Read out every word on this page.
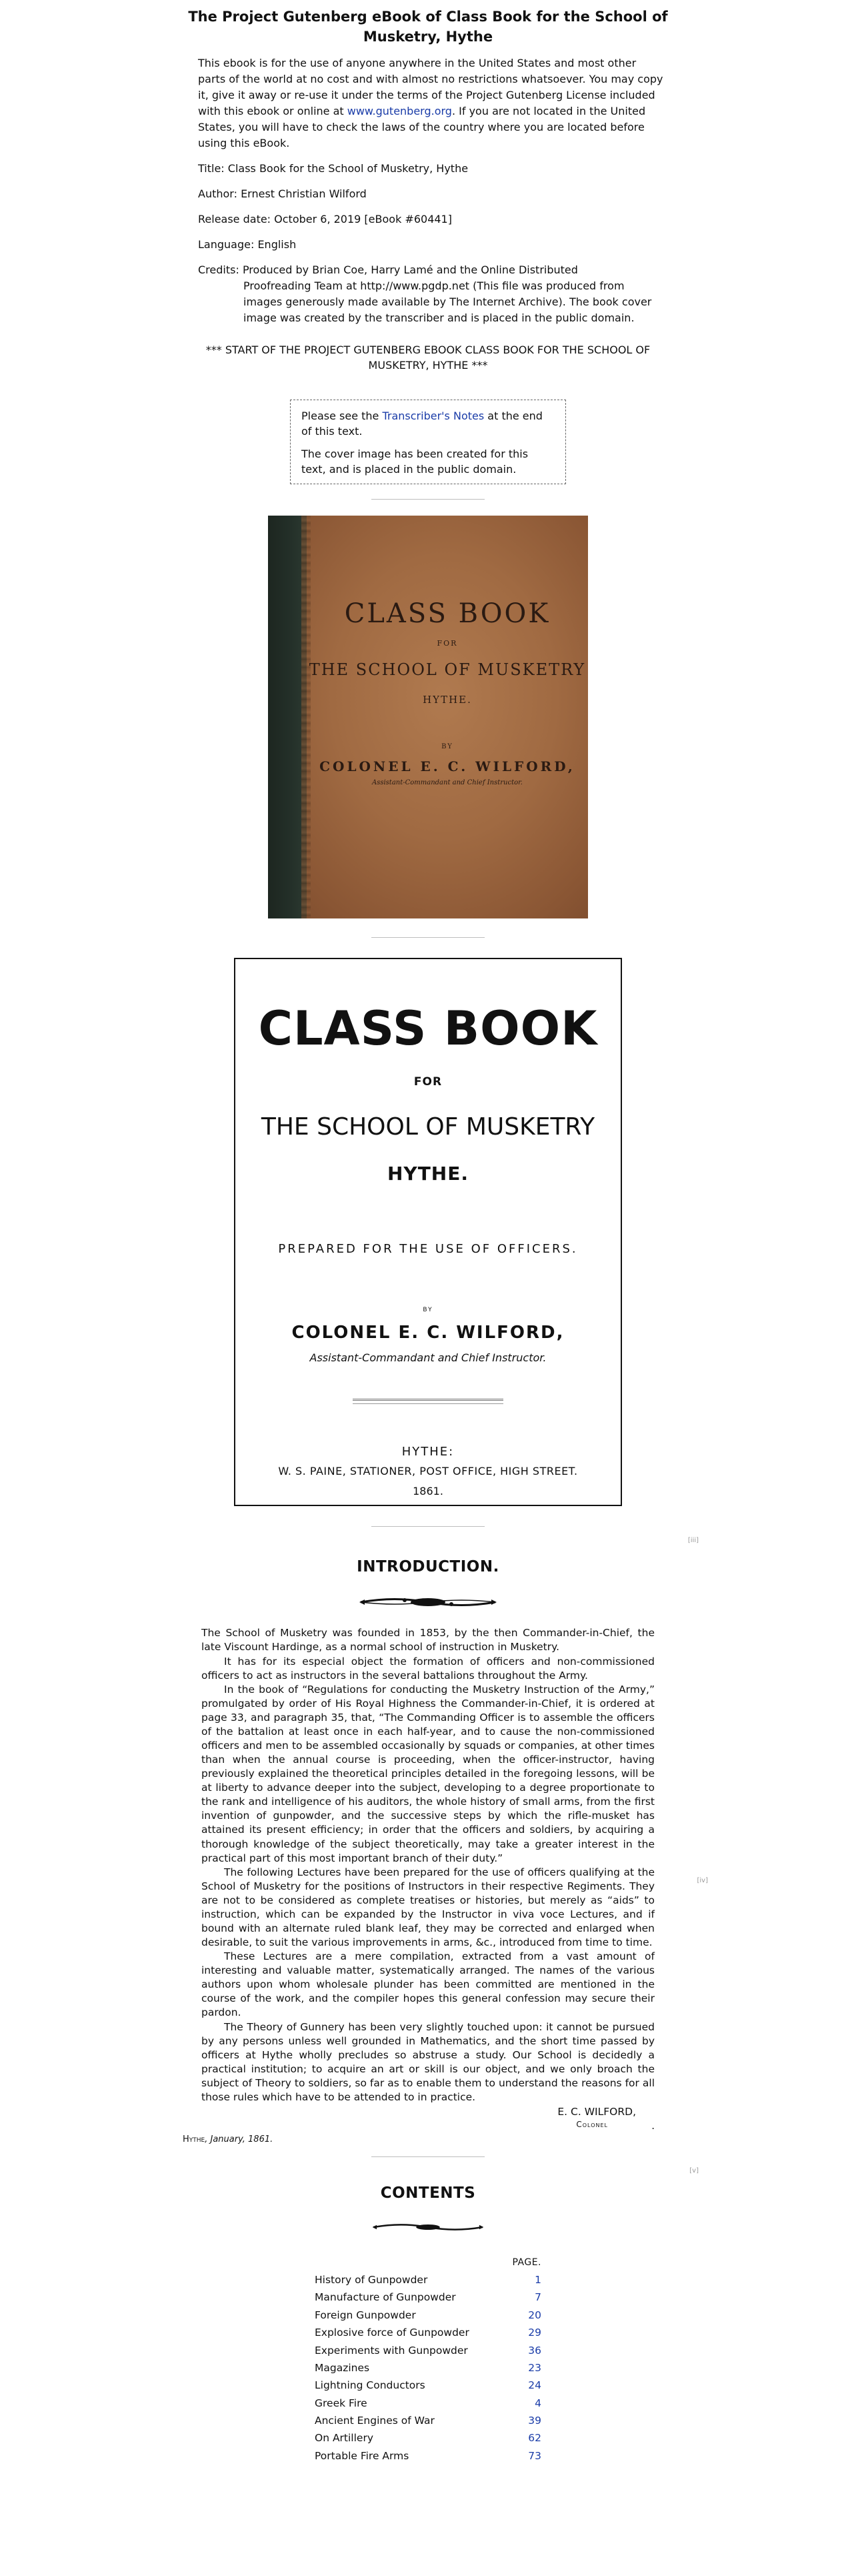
The Project Gutenberg eBook of Class Book for the School of Musketry, Hythe

This ebook is for the use of anyone anywhere in the United States and most other parts of the world at no cost and with almost no restrictions whatsoever. You may copy it, give it away or re-use it under the terms of the Project Gutenberg License included with this ebook or online at www.gutenberg.org. If you are not located in the United States, you will have to check the laws of the country where you are located before using this eBook.

Title: Class Book for the School of Musketry, Hythe

Author: Ernest Christian Wilford

Release date: October 6, 2019 [eBook #60441]

Language: English

Credits: Produced by Brian Coe, Harry Lamé and the Online Distributed
Proofreading Team at http://www.pgdp.net (This file was produced from images generously made available by The Internet Archive). The book cover image was created by the transcriber and is placed in the public domain.
*** START OF THE PROJECT GUTENBERG EBOOK CLASS BOOK FOR THE SCHOOL OF MUSKETRY, HYTHE ***

Please see the Transcriber's Notes at the end of this text.

The cover image has been created for this text, and is placed in the public domain.

CLASS BOOK
FOR
THE SCHOOL OF MUSKETRY
HYTHE.
BY
COLONEL E. C. WILFORD,
Assistant-Commandant and Chief Instructor.
CLASS BOOK
FOR
THE SCHOOL OF MUSKETRY
HYTHE.
PREPARED FOR THE USE OF OFFICERS.
BY
COLONEL E. C. WILFORD,
Assistant-Commandant and Chief Instructor.
HYTHE:
W. S. PAINE, STATIONER, POST OFFICE, HIGH STREET.
1861.
[iii]
INTRODUCTION.

The School of Musketry was founded in 1853, by the then Commander-in-Chief, the late Viscount Hardinge, as a normal school of instruction in Musketry.

It has for its especial object the formation of officers and non-commissioned officers to act as instructors in the several battalions throughout the Army.

In the book of “Regulations for conducting the Musketry Instruction of the Army,” promulgated by order of His Royal Highness the Commander-in-Chief, it is ordered at page 33, and paragraph 35, that, “The Commanding Officer is to assemble the officers of the battalion at least once in each half-year, and to cause the non-commissioned officers and men to be assembled occasionally by squads or companies, at other times than when the annual course is proceeding, when the officer-instructor, having previously explained the theoretical principles detailed in the foregoing lessons, will be at liberty to advance deeper into the subject, developing to a degree proportionate to the rank and intelligence of his auditors, the whole history of small arms, from the first invention of gunpowder, and the successive steps by which the rifle-musket has attained its present efficiency; in order that the officers and soldiers, by acquiring a thorough knowledge of the subject theoretically, may take a greater interest in the practical part of this most important branch of their duty.”

The following Lectures have been prepared for the use of officers qualifying at the School of Musketry for the positions of Instructors in their respective Regiments. They are not to be considered as complete treatises or histories, but merely as “aids” to instruction, which can be expanded by the Instructor in viva voce Lectures, and if bound with an alternate ruled blank leaf, they may be corrected and enlarged when desirable, to suit the various improvements in arms, &c., introduced from time to time.

[iv]

These Lectures are a mere compilation, extracted from a vast amount of interesting and valuable matter, systematically arranged. The names of the various authors upon whom wholesale plunder has been committed are mentioned in the course of the work, and the compiler hopes this general confession may secure their pardon.

The Theory of Gunnery has been very slightly touched upon: it cannot be pursued by any persons unless well grounded in Mathematics, and the short time passed by officers at Hythe wholly precludes so abstruse a study. Our School is decidedly a practical institution; to acquire an art or skill is our object, and we only broach the subject of Theory to soldiers, so far as to enable them to understand the reasons for all those rules which have to be attended to in practice.

E. C. WILFORD,
Colonel	.
Hythe, January, 1861.
[v]
CONTENTS
PAGE.
History of Gunpowder	1
Manufacture of Gunpowder	7
Foreign Gunpowder	20
Explosive force of Gunpowder	29
Experiments with Gunpowder	36
Magazines	23
Lightning Conductors	24
Greek Fire	4
Ancient Engines of War	39
On Artillery	62
Portable Fire Arms	73
